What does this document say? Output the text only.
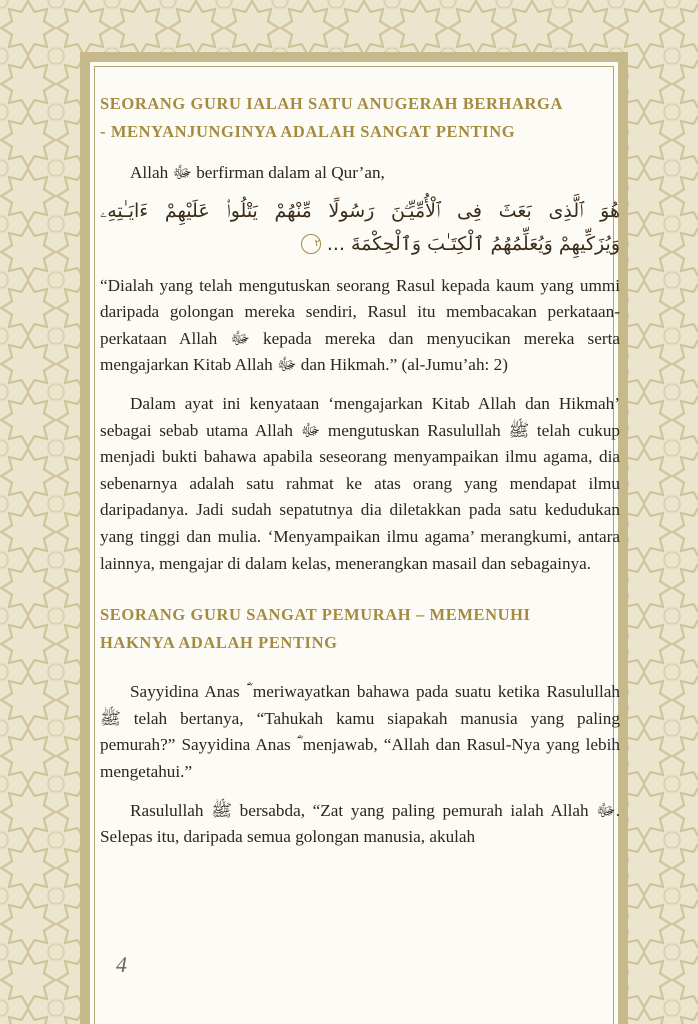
SEORANG GURU IALAH SATU ANUGERAH BERHARGA
- MENYANJUNGINYA ADALAH SANGAT PENTING

Allah ﷻ berfirman dalam al Qur’an,

هُوَ ٱلَّذِى بَعَثَ فِى ٱلْأُمِّيِّـۧنَ رَسُولًا مِّنْهُمْ يَتْلُوا۟ عَلَيْهِمْ ءَايَـٰتِهِۦ
وَيُزَكِّيهِمْ وَيُعَلِّمُهُمُ ٱلْكِتَـٰبَ وَٱلْحِكْمَةَ ... ٢

“Dialah yang telah mengutuskan seorang Rasul kepada kaum yang ummi daripada golongan mereka sendiri, Rasul itu membacakan perkataan-perkataan Allah ﷻ kepada mereka dan menyucikan mereka serta mengajarkan Kitab Allah ﷻ dan Hikmah.” (al-Jumu’ah: 2)

Dalam ayat ini kenyataan ‘mengajarkan Kitab Allah dan Hikmah’ sebagai sebab utama Allah ﷻ mengutuskan Rasulullah ﷺ telah cukup menjadi bukti bahawa apabila seseorang menyampaikan ilmu agama, dia sebenarnya adalah satu rahmat ke atas orang yang mendapat ilmu daripadanya. Jadi sudah sepatutnya dia diletakkan pada satu kedudukan yang tinggi dan mulia. ‘Menyampaikan ilmu agama’ merangkumi, antara lainnya, mengajar di dalam kelas, menerangkan masail dan sebagainya.

SEORANG GURU SANGAT PEMURAH – MEMENUHI
HAKNYA ADALAH PENTING

Sayyidina Anas ؓ meriwayatkan bahawa pada suatu ketika Rasulullah ﷺ telah bertanya, “Tahukah kamu siapakah manusia yang paling pemurah?” Sayyidina Anas ؓ menjawab, “Allah dan Rasul-Nya yang lebih mengetahui.”

Rasulullah ﷺ bersabda, “Zat yang paling pemurah ialah Allah ﷻ. Selepas itu, daripada semua golongan manusia, akulah

4
